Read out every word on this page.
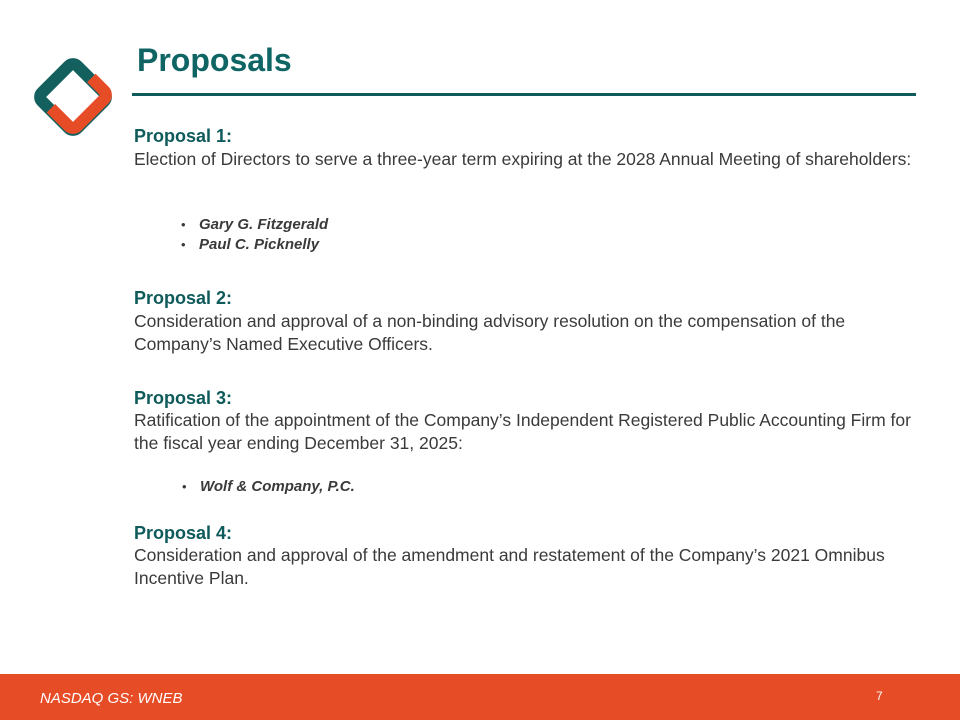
Proposals
Proposal 1:

Election of Directors to serve a three-year term expiring at the 2028 Annual Meeting of shareholders:

• Gary G. Fitzgerald
• Paul C. Picknelly
Proposal 2:

Consideration and approval of a non-binding advisory resolution on the compensation of the Company’s Named Executive Officers.

Proposal 3:

Ratification of the appointment of the Company’s Independent Registered Public Accounting Firm for the fiscal year ending December 31, 2025:

• Wolf & Company, P.C.
Proposal 4:

Consideration and approval of the amendment and restatement of the Company’s 2021 Omnibus Incentive Plan.

NASDAQ GS: WNEB	7
